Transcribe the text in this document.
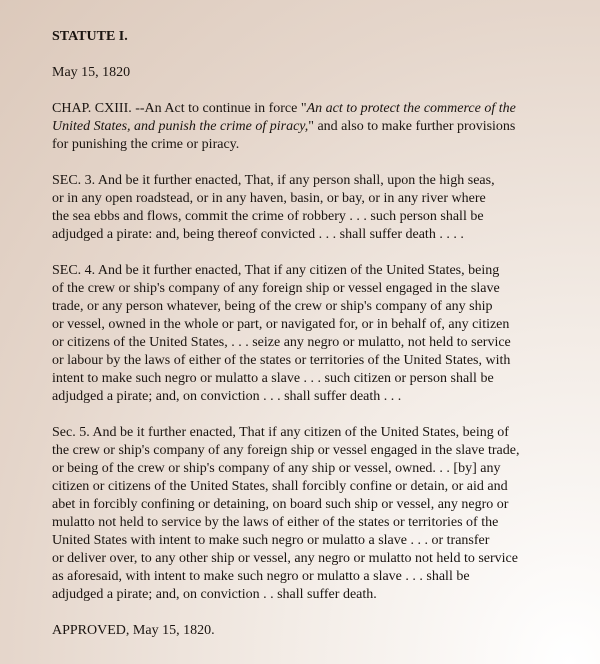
STATUTE I.
May 15, 1820

CHAP. CXIII. --An Act to continue in force "An act to protect the commerce of the
United States, and punish the crime of piracy," and also to make further provisions
for punishing the crime or piracy.

SEC. 3. And be it further enacted, That, if any person shall, upon the high seas,
or in any open roadstead, or in any haven, basin, or bay, or in any river where
the sea ebbs and flows, commit the crime of robbery . . . such person shall be
adjudged a pirate: and, being thereof convicted . . . shall suffer death . . . .

SEC. 4. And be it further enacted, That if any citizen of the United States, being
of the crew or ship's company of any foreign ship or vessel engaged in the slave
trade, or any person whatever, being of the crew or ship's company of any ship
or vessel, owned in the whole or part, or navigated for, or in behalf of, any citizen
or citizens of the United States, . . . seize any negro or mulatto, not held to service
or labour by the laws of either of the states or territories of the United States, with
intent to make such negro or mulatto a slave . . . such citizen or person shall be
adjudged a pirate; and, on conviction . . . shall suffer death . . .

Sec. 5. And be it further enacted, That if any citizen of the United States, being of
the crew or ship's company of any foreign ship or vessel engaged in the slave trade,
or being of the crew or ship's company of any ship or vessel, owned. . . [by] any
citizen or citizens of the United States, shall forcibly confine or detain, or aid and
abet in forcibly confining or detaining, on board such ship or vessel, any negro or
mulatto not held to service by the laws of either of the states or territories of the
United States with intent to make such negro or mulatto a slave . . . or transfer
or deliver over, to any other ship or vessel, any negro or mulatto not held to service
as aforesaid, with intent to make such negro or mulatto a slave . . . shall be
adjudged a pirate; and, on conviction . . shall suffer death.

APPROVED, May 15, 1820.
